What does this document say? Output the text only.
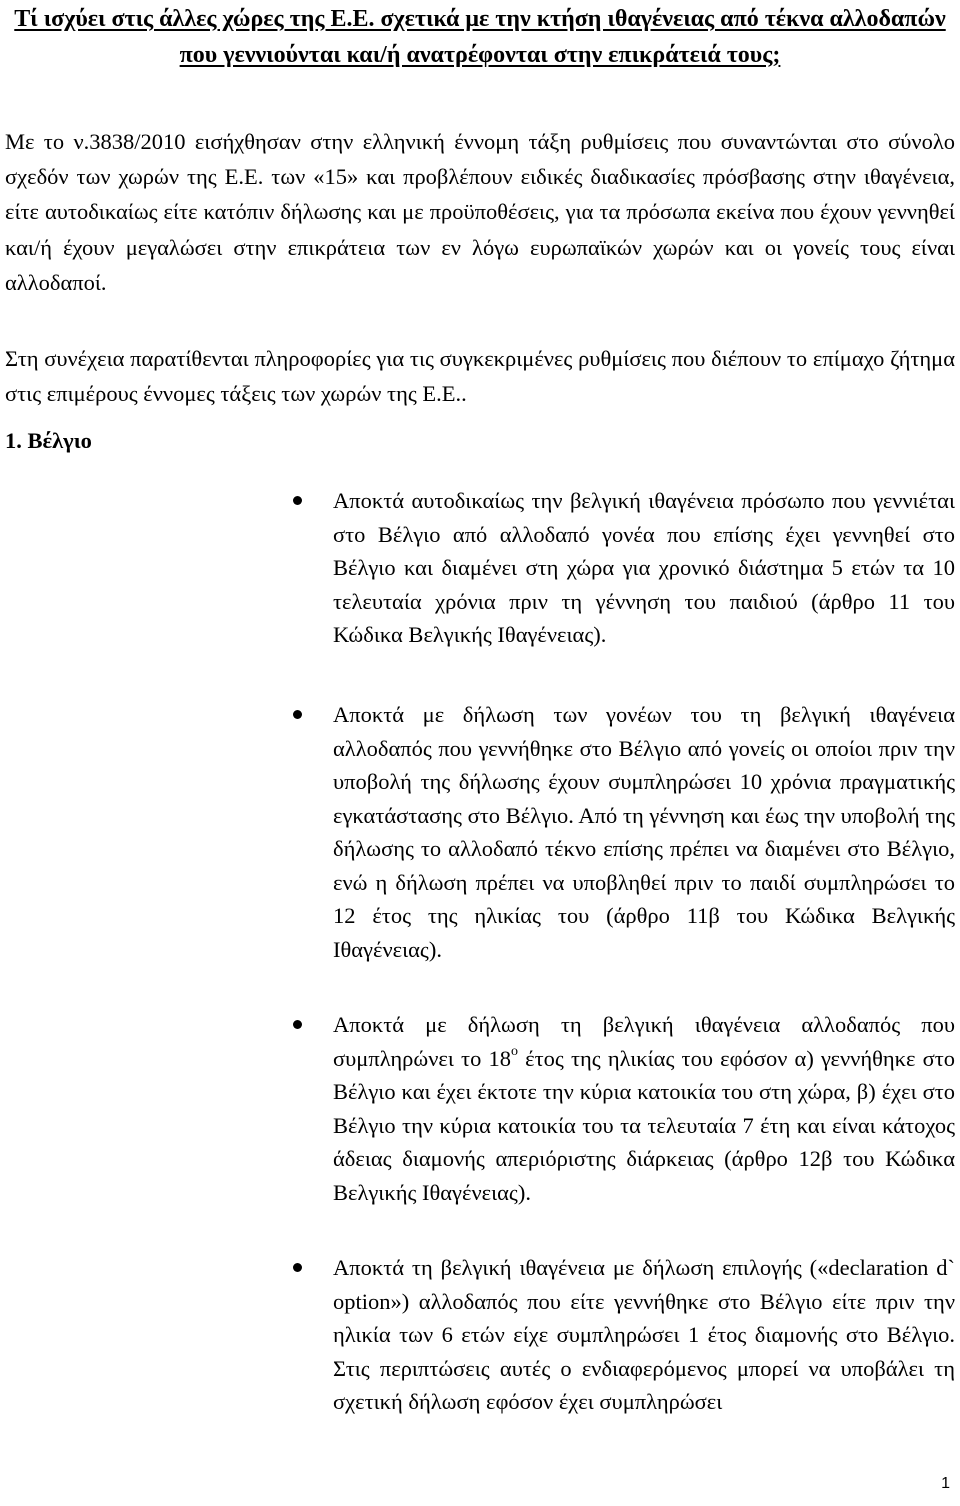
Τί ισχύει στις άλλες χώρες της Ε.Ε. σχετικά με την κτήση ιθαγένειας από τέκνα αλλοδαπών που γεννιούνται και/ή ανατρέφονται στην επικράτειά τους;

Με το ν.3838/2010 εισήχθησαν στην ελληνική έννομη τάξη ρυθμίσεις που συναντώνται στο σύνολο σχεδόν των χωρών της Ε.Ε. των «15» και προβλέπουν ειδικές διαδικασίες πρόσβασης στην ιθαγένεια, είτε αυτοδικαίως είτε κατόπιν δήλωσης και με προϋποθέσεις, για τα πρόσωπα εκείνα που έχουν γεννηθεί και/ή έχουν μεγαλώσει στην επικράτεια των εν λόγω ευρωπαϊκών χωρών και οι γονείς τους είναι αλλοδαποί.

Στη συνέχεια παρατίθενται πληροφορίες για τις συγκεκριμένες ρυθμίσεις που διέπουν το επίμαχο ζήτημα στις επιμέρους έννομες τάξεις των χωρών της Ε.Ε..

1. Βέλγιο
Αποκτά αυτοδικαίως την βελγική ιθαγένεια πρόσωπο που γεννιέται στο Βέλγιο από αλλοδαπό γονέα που επίσης έχει γεννηθεί στο Βέλγιο και διαμένει στη χώρα για χρονικό διάστημα 5 ετών τα 10 τελευταία χρόνια πριν τη γέννηση του παιδιού (άρθρο 11 του Κώδικα Βελγικής Ιθαγένειας).
Αποκτά με δήλωση των γονέων του τη βελγική ιθαγένεια αλλοδαπός που γεννήθηκε στο Βέλγιο από γονείς οι οποίοι πριν την υποβολή της δήλωσης έχουν συμπληρώσει 10 χρόνια πραγματικής εγκατάστασης στο Βέλγιο. Από τη γέννηση και έως την υποβολή της δήλωσης το αλλοδαπό τέκνο επίσης πρέπει να διαμένει στο Βέλγιο, ενώ η δήλωση πρέπει να υποβληθεί πριν το παιδί συμπληρώσει το 12 έτος της ηλικίας του (άρθρο 11β του Κώδικα Βελγικής Ιθαγένειας).
Αποκτά με δήλωση τη βελγική ιθαγένεια αλλοδαπός που συμπληρώνει το $18^o$ έτος της ηλικίας του εφόσον α) γεννήθηκε στο Βέλγιο και έχει έκτοτε την κύρια κατοικία του στη χώρα, β) έχει στο Βέλγιο την κύρια κατοικία του τα τελευταία 7 έτη και είναι κάτοχος άδειας διαμονής απεριόριστης διάρκειας (άρθρο 12β του Κώδικα Βελγικής Ιθαγένειας).
Αποκτά τη βελγική ιθαγένεια με δήλωση επιλογής («declaration d` option») αλλοδαπός που είτε γεννήθηκε στο Βέλγιο είτε πριν την ηλικία των 6 ετών είχε συμπληρώσει 1 έτος διαμονής στο Βέλγιο. Στις περιπτώσεις αυτές ο ενδιαφερόμενος μπορεί να υποβάλει τη σχετική δήλωση εφόσον έχει συμπληρώσει
1
